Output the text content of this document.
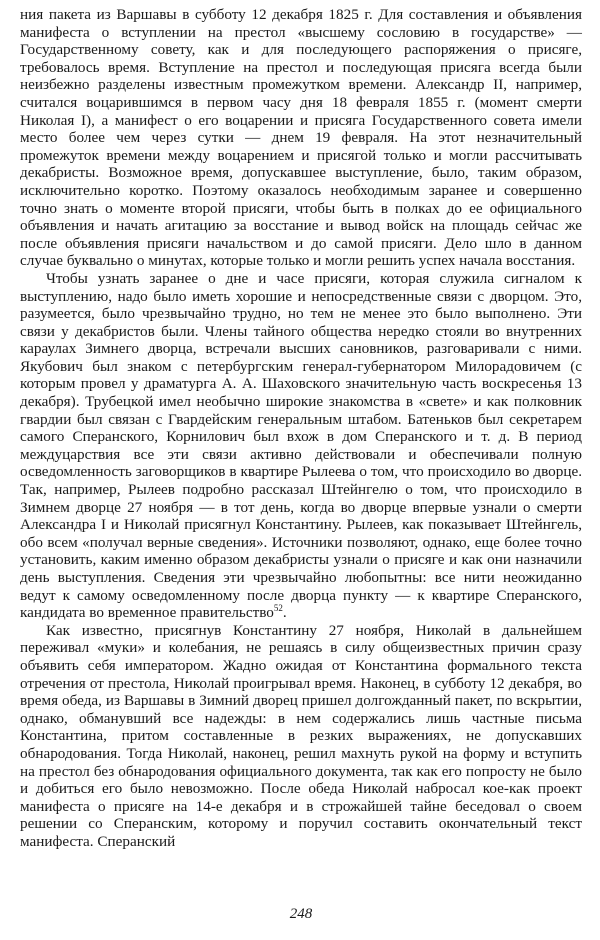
ния пакета из Варшавы в субботу 12 декабря 1825 г. Для составления и объявления манифеста о вступлении на престол «высшему сословию в государстве» — Государственному совету, как и для последующего распоряжения о присяге, требовалось время. Вступление на престол и последующая присяга всегда были неизбежно разделены известным промежутком времени. Александр II, например, считался воцарившимся в первом часу дня 18 февраля 1855 г. (момент смерти Николая I), а манифест о его воцарении и присяга Государственного совета имели место более чем через сутки — днем 19 февраля. На этот незначительный промежуток времени между воцарением и присягой только и могли рассчитывать декабристы. Возможное время, допускавшее выступление, было, таким образом, исключительно коротко. Поэтому оказалось необходимым заранее и совершенно точно знать о моменте второй присяги, чтобы быть в полках до ее официального объявления и начать агитацию за восстание и вывод войск на площадь сейчас же после объявления присяги начальством и до самой присяги. Дело шло в данном случае буквально о минутах, которые только и могли решить успех начала восстания.

Чтобы узнать заранее о дне и часе присяги, которая служила сигналом к выступлению, надо было иметь хорошие и непосредственные связи с дворцом. Это, разумеется, было чрезвычайно трудно, но тем не менее это было выполнено. Эти связи у декабристов были. Члены тайного общества нередко стояли во внутренних караулах Зимнего дворца, встречали высших сановников, разговаривали с ними. Якубович был знаком с петербургским генерал-губернатором Милорадовичем (с которым провел у драматурга А. А. Шаховского значительную часть воскресенья 13 декабря). Трубецкой имел необычно широкие знакомства в «свете» и как полковник гвардии был связан с Гвардейским генеральным штабом. Батеньков был секретарем самого Сперанского, Корнилович был вхож в дом Сперанского и т. д. В период междуцарствия все эти связи активно действовали и обеспечивали полную осведомленность заговорщиков в квартире Рылеева о том, что происходило во дворце. Так, например, Рылеев подробно рассказал Штейнгелю о том, что происходило в Зимнем дворце 27 ноября — в тот день, когда во дворце впервые узнали о смерти Александра I и Николай присягнул Константину. Рылеев, как показывает Штейнгель, обо всем «получал верные сведения». Источники позволяют, однако, еще более точно установить, каким именно образом декабристы узнали о присяге и как они назначили день выступления. Сведения эти чрезвычайно любопытны: все нити неожиданно ведут к самому осведомленному после дворца пункту — к квартире Сперанского, кандидата во временное правительство$^{52}$.

Как известно, присягнув Константину 27 ноября, Николай в дальнейшем переживал «муки» и колебания, не решаясь в силу общеизвестных причин сразу объявить себя императором. Жадно ожидая от Константина формального текста отречения от престола, Николай проигрывал время. Наконец, в субботу 12 декабря, во время обеда, из Варшавы в Зимний дворец пришел долгожданный пакет, по вскрытии, однако, обманувший все надежды: в нем содержались лишь частные письма Константина, притом составленные в резких выражениях, не допускавших обнародования. Тогда Николай, наконец, решил махнуть рукой на форму и вступить на престол без обнародования официального документа, так как его попросту не было и добиться его было невозможно. После обеда Николай набросал кое-как проект манифеста о присяге на 14-е декабря и в строжайшей тайне беседовал о своем решении со Сперанским, которому и поручил составить окончательный текст манифеста. Сперанский

248
